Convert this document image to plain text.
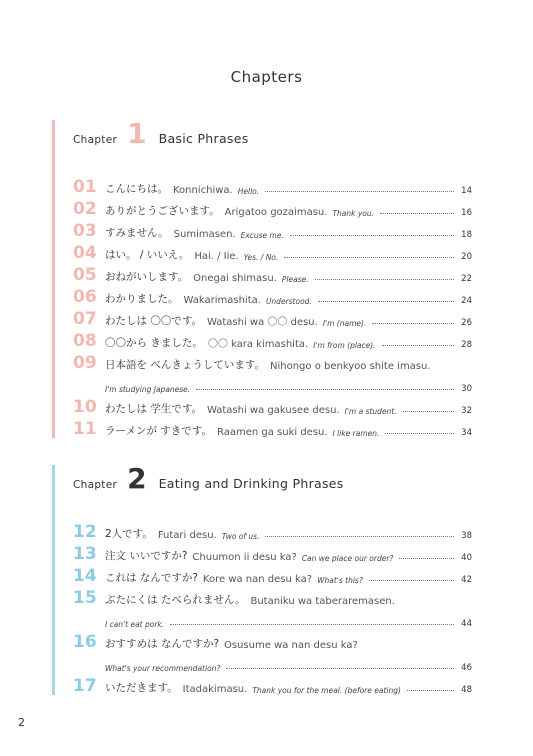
Chapters
Chapter 1 Basic Phrases
01 こんにちは。 Konnichiwa. Hello.	14
02 ありがとうございます。 Arigatoo gozaimasu. Thank you.	16
03 すみません。 Sumimasen. Excuse me.	18
04 はい。 / いいえ。 Hai. / Iie. Yes. / No.	20
05 おねがいします。 Onegai shimasu. Please.	22
06 わかりました。 Wakarimashita. Understood.	24
07 わたしは 〇〇です。 Watashi wa 〇〇 desu. I'm (name).	26
08 〇〇から きました。 〇〇 kara kimashita. I'm from (place).	28
09 日本語を べんきょうしています。 Nihongo o benkyoo shite imasu.
I'm studying Japanese.	30
10 わたしは 学生です。 Watashi wa gakusee desu. I'm a student.	32
11 ラーメンが すきです。 Raamen ga suki desu. I like ramen.	34
Chapter 2 Eating and Drinking Phrases
12 2人です。 Futari desu. Two of us.	38
13 注文 いいですか? Chuumon ii desu ka? Can we place our order?	40
14 これは なんですか? Kore wa nan desu ka? What's this?	42
15 ぶたにくは たべられません。 Butaniku wa taberaremasen.
I can't eat pork.	44
16 おすすめは なんですか? Osusume wa nan desu ka?
What's your recommendation?	46
17 いただきます。 Itadakimasu. Thank you for the meal. (before eating)	48
2
